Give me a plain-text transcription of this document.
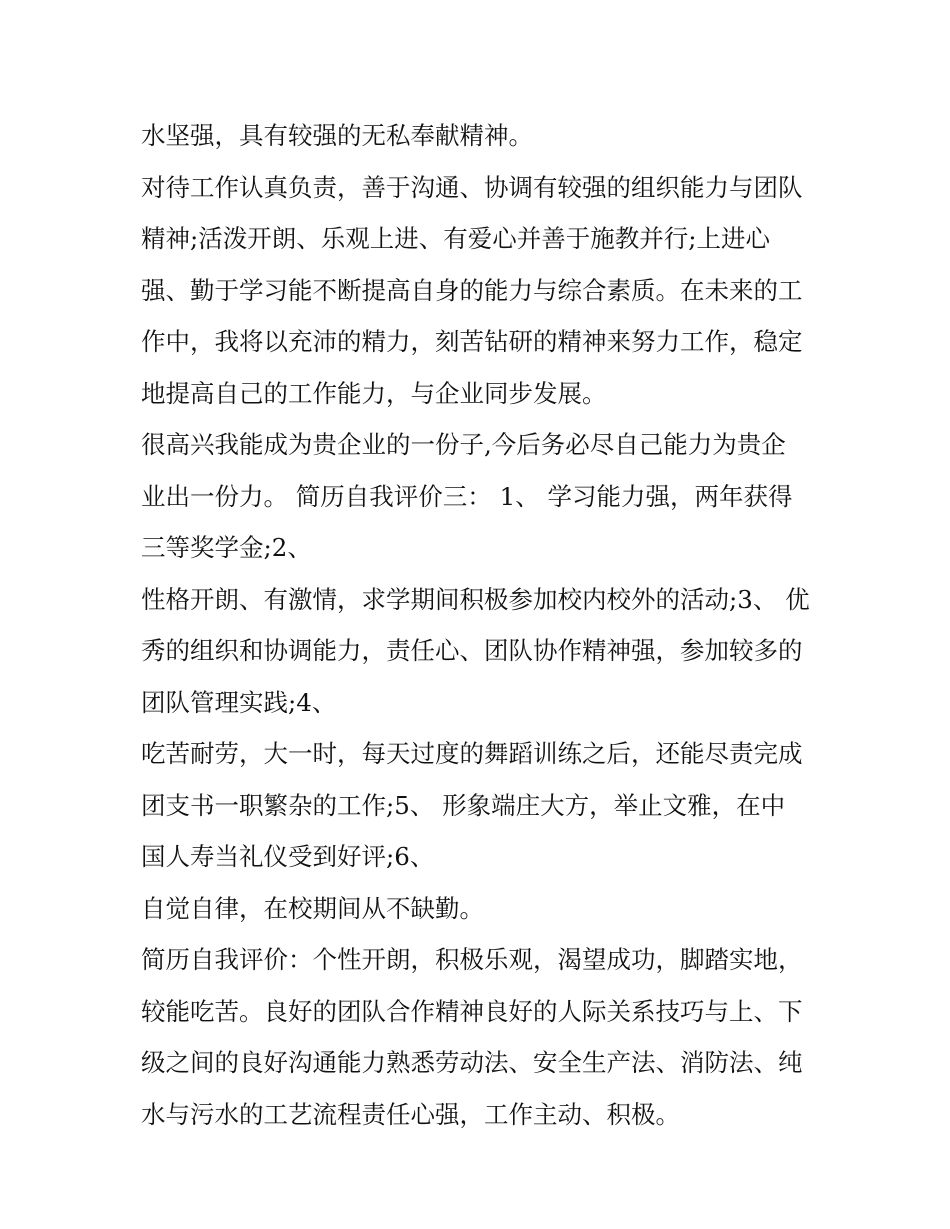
水坚强，具有较强的无私奉献精神。
对待工作认真负责，善于沟通、协调有较强的组织能力与团队
精神;活泼开朗、乐观上进、有爱心并善于施教并行;上进心
强、勤于学习能不断提高自身的能力与综合素质。在未来的工
作中，我将以充沛的精力，刻苦钻研的精神来努力工作，稳定
地提高自己的工作能力，与企业同步发展。
很高兴我能成为贵企业的一份子,今后务必尽自己能力为贵企
业出一份力。 简历自我评价三： 1、 学习能力强，两年获得
三等奖学金;2、
性格开朗、有激情，求学期间积极参加校内校外的活动;3、 优
秀的组织和协调能力，责任心、团队协作精神强，参加较多的
团队管理实践;4、
吃苦耐劳，大一时，每天过度的舞蹈训练之后，还能尽责完成
团支书一职繁杂的工作;5、 形象端庄大方，举止文雅，在中
国人寿当礼仪受到好评;6、
自觉自律，在校期间从不缺勤。
简历自我评价：个性开朗，积极乐观，渴望成功，脚踏实地，
较能吃苦。良好的团队合作精神良好的人际关系技巧与上、下
级之间的良好沟通能力熟悉劳动法、安全生产法、消防法、纯
水与污水的工艺流程责任心强，工作主动、积极。
